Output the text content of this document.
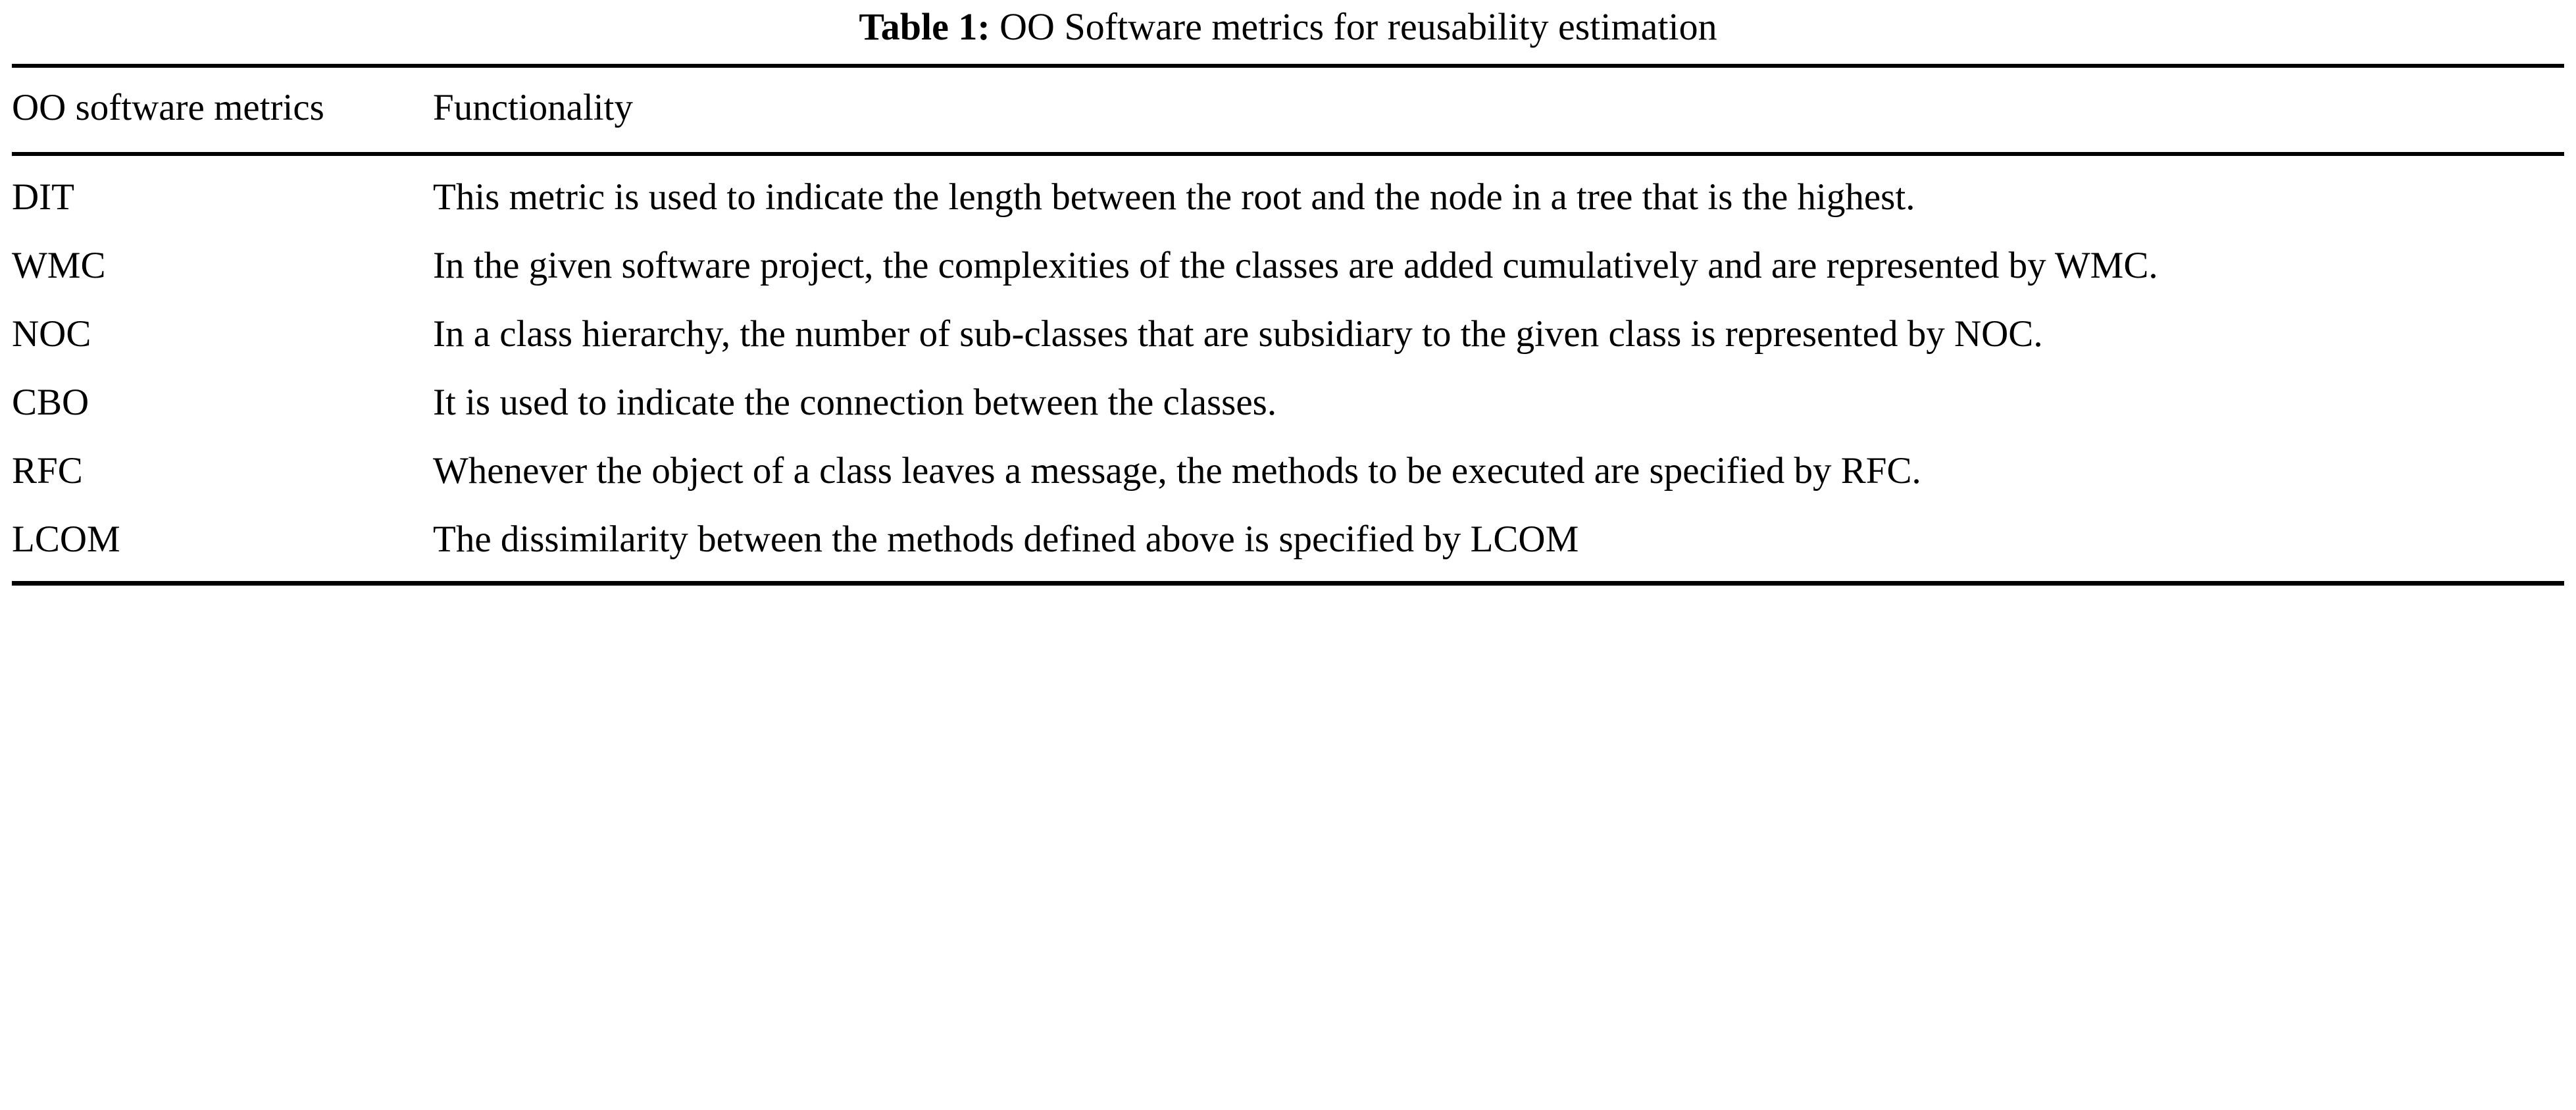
Table 1: OO Software metrics for reusability estimation
OO software metrics	Functionality
DIT	This metric is used to indicate the length between the root and the node in a tree that is the highest.
WMC	In the given software project, the complexities of the classes are added cumulatively and are represented by WMC.
NOC	In a class hierarchy, the number of sub-classes that are subsidiary to the given class is represented by NOC.
CBO	It is used to indicate the connection between the classes.
RFC	Whenever the object of a class leaves a message, the methods to be executed are specified by RFC.
LCOM	The dissimilarity between the methods defined above is specified by LCOM
